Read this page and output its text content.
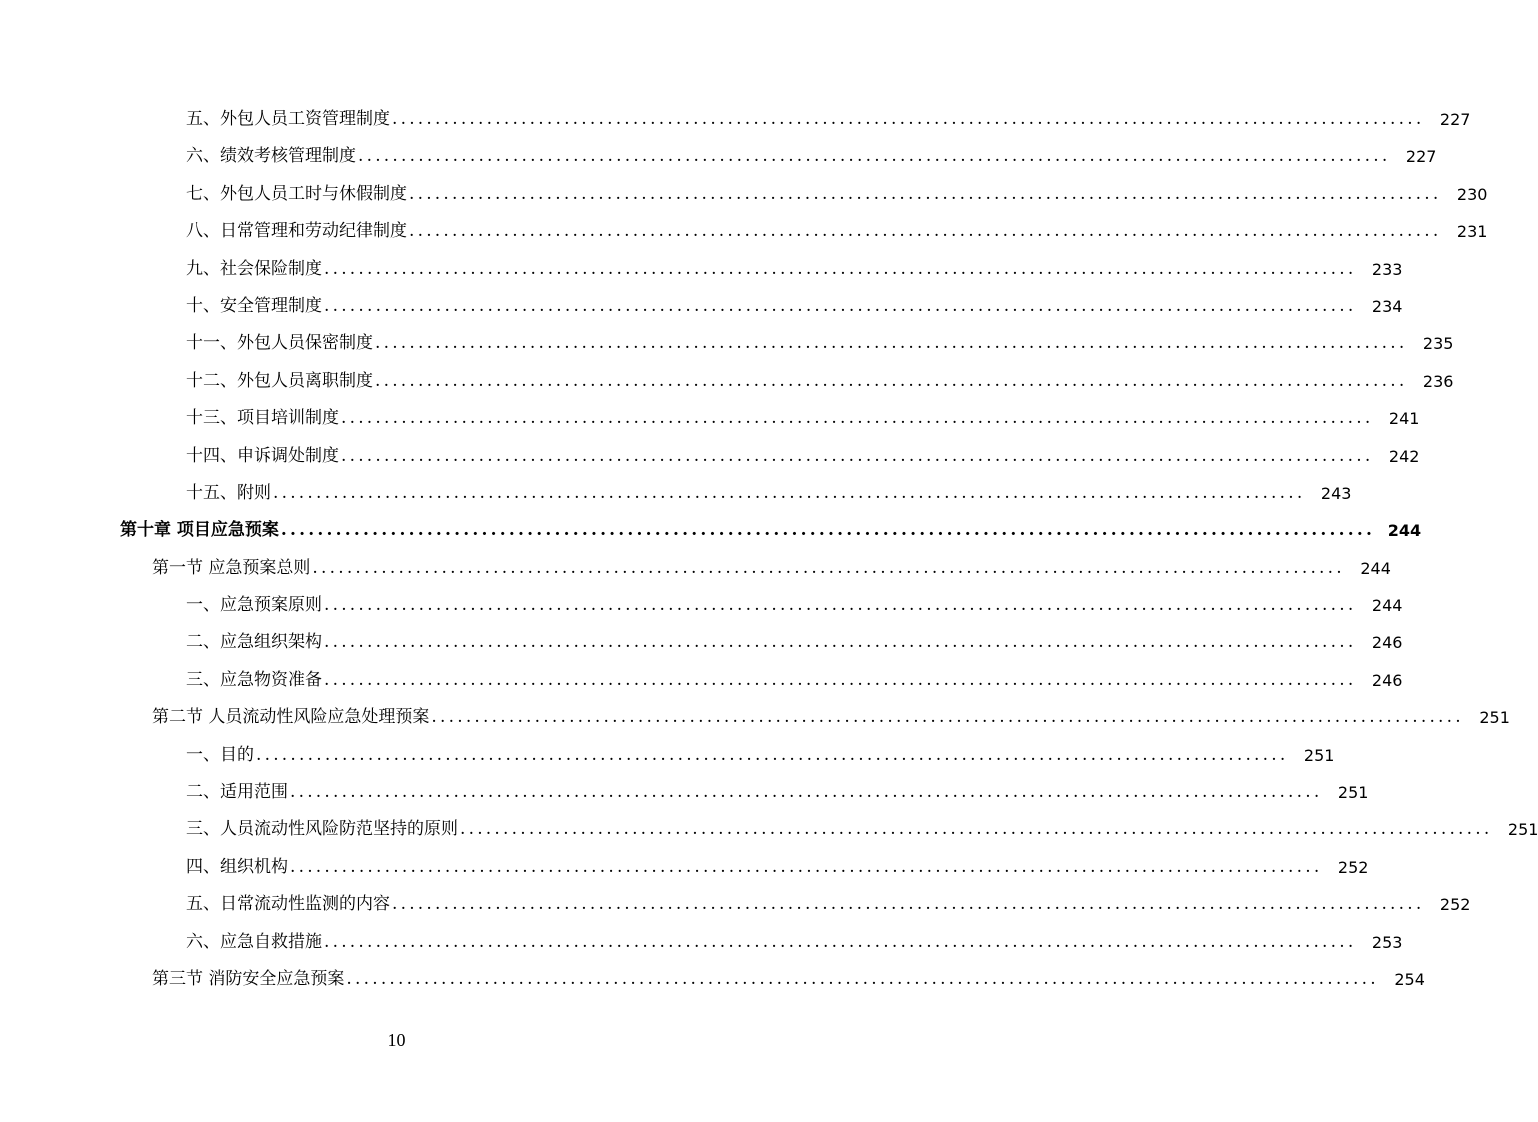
五、外包人员工资管理制度 ........................................................................................................................ 227
六、绩效考核管理制度 ........................................................................................................................ 227
七、外包人员工时与休假制度 ........................................................................................................................ 230
八、日常管理和劳动纪律制度 ........................................................................................................................ 231
九、社会保险制度 ........................................................................................................................ 233
十、安全管理制度 ........................................................................................................................ 234
十一、外包人员保密制度 ........................................................................................................................ 235
十二、外包人员离职制度 ........................................................................................................................ 236
十三、项目培训制度 ........................................................................................................................ 241
十四、申诉调处制度 ........................................................................................................................ 242
十五、附则 ........................................................................................................................ 243
第十章 项目应急预案 ........................................................................................................................ 244
第一节 应急预案总则 ........................................................................................................................ 244
一、应急预案原则 ........................................................................................................................ 244
二、应急组织架构 ........................................................................................................................ 246
三、应急物资准备 ........................................................................................................................ 246
第二节 人员流动性风险应急处理预案 ........................................................................................................................ 251
一、目的 ........................................................................................................................ 251
二、适用范围 ........................................................................................................................ 251
三、人员流动性风险防范坚持的原则 ........................................................................................................................ 251
四、组织机构 ........................................................................................................................ 252
五、日常流动性监测的内容 ........................................................................................................................ 252
六、应急自救措施 ........................................................................................................................ 253
第三节 消防安全应急预案 ........................................................................................................................ 254
10
